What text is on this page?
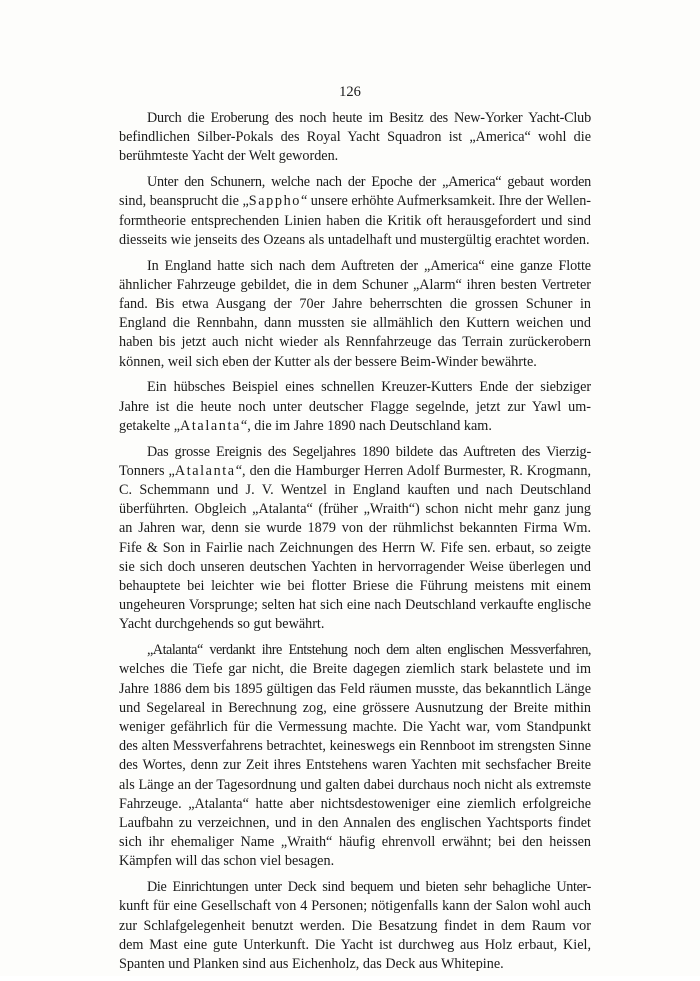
126
Durch die Eroberung des noch heute im Besitz des New-Yorker Yacht-Club
befindlichen Silber-Pokals des Royal Yacht Squadron ist „America“ wohl die
berühmteste Yacht der Welt geworden.
Unter den Schunern, welche nach der Epoche der „America“ gebaut worden
sind, beansprucht die „Sappho“ unsere erhöhte Aufmerksamkeit. Ihre der Wellen-
formtheorie entsprechenden Linien haben die Kritik oft herausgefordert und sind
diesseits wie jenseits des Ozeans als untadelhaft und mustergültig erachtet worden.
In England hatte sich nach dem Auftreten der „America“ eine ganze Flotte
ähnlicher Fahrzeuge gebildet, die in dem Schuner „Alarm“ ihren besten Vertreter
fand. Bis etwa Ausgang der 70er Jahre beherrschten die grossen Schuner in
England die Rennbahn, dann mussten sie allmählich den Kuttern weichen und
haben bis jetzt auch nicht wieder als Rennfahrzeuge das Terrain zurückerobern
können, weil sich eben der Kutter als der bessere Beim-Winder bewährte.
Ein hübsches Beispiel eines schnellen Kreuzer-Kutters Ende der siebziger
Jahre ist die heute noch unter deutscher Flagge segelnde, jetzt zur Yawl um-
getakelte „Atalanta“, die im Jahre 1890 nach Deutschland kam.
Das grosse Ereignis des Segeljahres 1890 bildete das Auftreten des Vierzig-
Tonners „Atalanta“, den die Hamburger Herren Adolf Burmester, R. Krogmann,
C. Schemmann und J. V. Wentzel in England kauften und nach Deutschland
überführten. Obgleich „Atalanta“ (früher „Wraith“) schon nicht mehr ganz jung
an Jahren war, denn sie wurde 1879 von der rühmlichst bekannten Firma Wm.
Fife & Son in Fairlie nach Zeichnungen des Herrn W. Fife sen. erbaut, so zeigte
sie sich doch unseren deutschen Yachten in hervorragender Weise überlegen und
behauptete bei leichter wie bei flotter Briese die Führung meistens mit einem
ungeheuren Vorsprunge; selten hat sich eine nach Deutschland verkaufte englische
Yacht durchgehends so gut bewährt.
„Atalanta“ verdankt ihre Entstehung noch dem alten englischen Messverfahren,
welches die Tiefe gar nicht, die Breite dagegen ziemlich stark belastete und im
Jahre 1886 dem bis 1895 gültigen das Feld räumen musste, das bekanntlich Länge
und Segelareal in Berechnung zog, eine grössere Ausnutzung der Breite mithin
weniger gefährlich für die Vermessung machte. Die Yacht war, vom Standpunkt
des alten Messverfahrens betrachtet, keineswegs ein Rennboot im strengsten Sinne
des Wortes, denn zur Zeit ihres Entstehens waren Yachten mit sechsfacher Breite
als Länge an der Tagesordnung und galten dabei durchaus noch nicht als extremste
Fahrzeuge. „Atalanta“ hatte aber nichtsdestoweniger eine ziemlich erfolgreiche
Laufbahn zu verzeichnen, und in den Annalen des englischen Yachtsports findet
sich ihr ehemaliger Name „Wraith“ häufig ehrenvoll erwähnt; bei den heissen
Kämpfen will das schon viel besagen.
Die Einrichtungen unter Deck sind bequem und bieten sehr behagliche Unter-
kunft für eine Gesellschaft von 4 Personen; nötigenfalls kann der Salon wohl auch
zur Schlafgelegenheit benutzt werden. Die Besatzung findet in dem Raum vor
dem Mast eine gute Unterkunft. Die Yacht ist durchweg aus Holz erbaut, Kiel,
Spanten und Planken sind aus Eichenholz, das Deck aus Whitepine.
